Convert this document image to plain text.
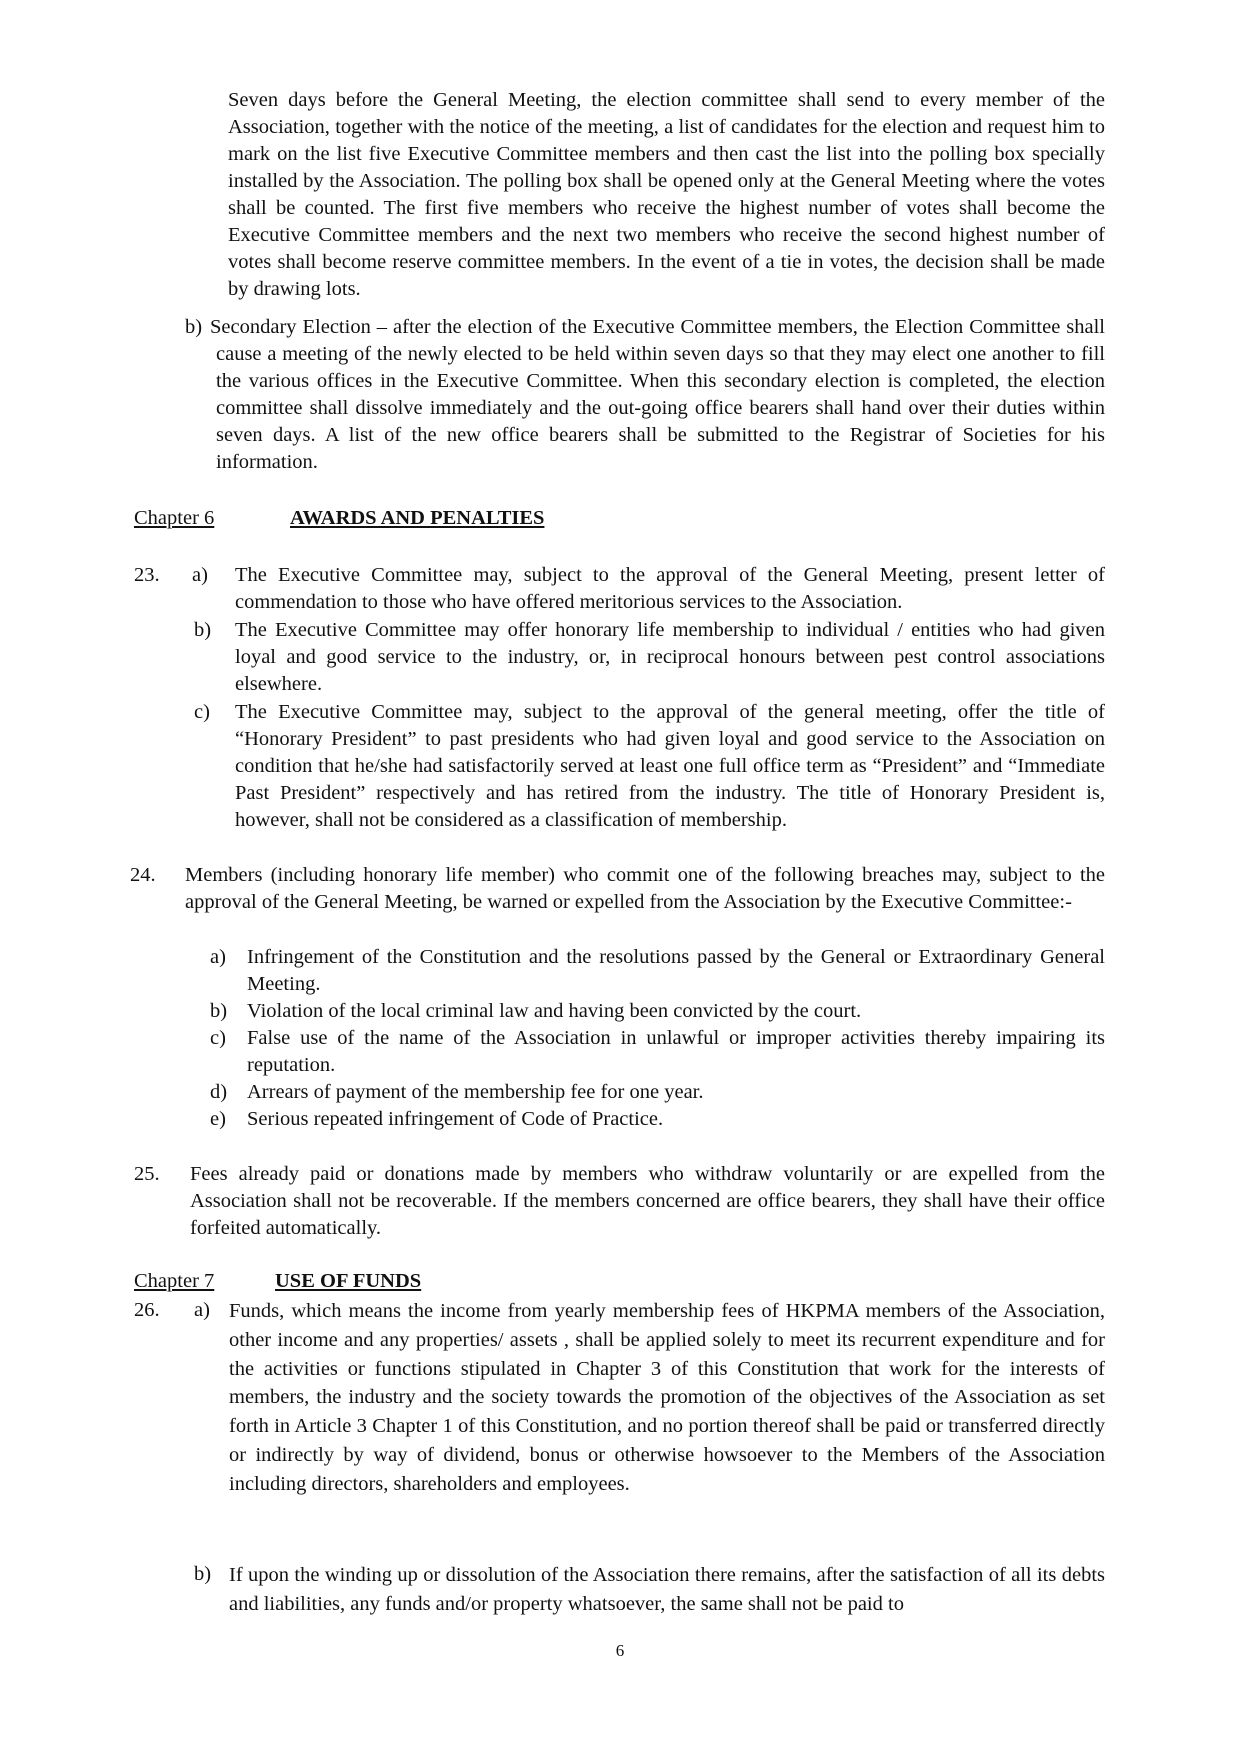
Seven days before the General Meeting, the election committee shall send to every member of the Association, together with the notice of the meeting, a list of candidates for the election and request him to mark on the list five Executive Committee members and then cast the list into the polling box specially installed by the Association. The polling box shall be opened only at the General Meeting where the votes shall be counted. The first five members who receive the highest number of votes shall become the Executive Committee members and the next two members who receive the second highest number of votes shall become reserve committee members. In the event of a tie in votes, the decision shall be made by drawing lots.

b) Secondary Election – after the election of the Executive Committee members, the Election Committee shall cause a meeting of the newly elected to be held within seven days so that they may elect one another to fill the various offices in the Executive Committee. When this secondary election is completed, the election committee shall dissolve immediately and the out-going office bearers shall hand over their duties within seven days. A list of the new office bearers shall be submitted to the Registrar of Societies for his information.

Chapter 6	AWARDS AND PENALTIES
23. a) The Executive Committee may, subject to the approval of the General Meeting, present letter of commendation to those who have offered meritorious services to the Association.

b) The Executive Committee may offer honorary life membership to individual / entities who had given loyal and good service to the industry, or, in reciprocal honours between pest control associations elsewhere.

c) The Executive Committee may, subject to the approval of the general meeting, offer the title of “Honorary President” to past presidents who had given loyal and good service to the Association on condition that he/she had satisfactorily served at least one full office term as “President” and “Immediate Past President” respectively and has retired from the industry. The title of Honorary President is, however, shall not be considered as a classification of membership.

24. Members (including honorary life member) who commit one of the following breaches may, subject to the approval of the General Meeting, be warned or expelled from the Association by the Executive Committee:-

a) Infringement of the Constitution and the resolutions passed by the General or Extraordinary General Meeting.

b) Violation of the local criminal law and having been convicted by the court.

c) False use of the name of the Association in unlawful or improper activities thereby impairing its reputation.

d) Arrears of payment of the membership fee for one year.

e) Serious repeated infringement of Code of Practice.

25. Fees already paid or donations made by members who withdraw voluntarily or are expelled from the Association shall not be recoverable. If the members concerned are office bearers, they shall have their office forfeited automatically.

Chapter 7	USE OF FUNDS
26. a) Funds, which means the income from yearly membership fees of HKPMA members of the Association, other income and any properties/ assets , shall be applied solely to meet its recurrent expenditure and for the activities or functions stipulated in Chapter 3 of this Constitution that work for the interests of members, the industry and the society towards the promotion of the objectives of the Association as set forth in Article 3 Chapter 1 of this Constitution, and no portion thereof shall be paid or transferred directly or indirectly by way of dividend, bonus or otherwise howsoever to the Members of the Association including directors, shareholders and employees.

b) If upon the winding up or dissolution of the Association there remains, after the satisfaction of all its debts and liabilities, any funds and/or property whatsoever, the same shall not be paid to

6
